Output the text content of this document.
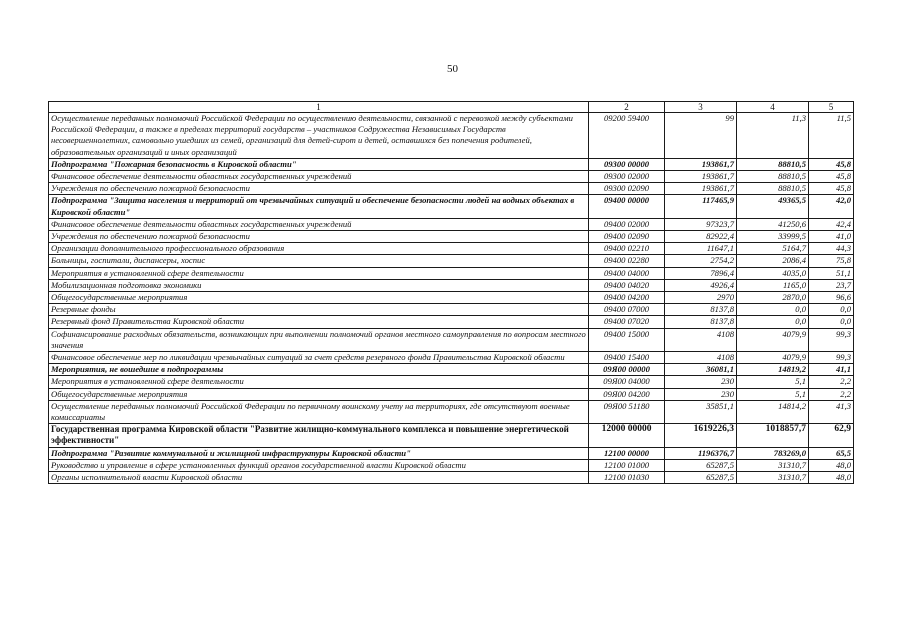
50
1	2	3	4	5
Осуществление переданных полномочий Российской Федерации по осуществлению деятельности, связанной с перевозкой между субъектами Российской Федерации, а также в пределах территорий государств – участников Содружества Независимых Государств несовершеннолетних, самовольно ушедших из семей, организаций для детей-сирот и детей, оставшихся без попечения родителей, образовательных организаций и иных организаций	09200 59400	99	11,3	11,5
Подпрограмма "Пожарная безопасность в Кировской области"	09300 00000	193861,7	88810,5	45,8
Финансовое обеспечение деятельности областных государственных учреждений	09300 02000	193861,7	88810,5	45,8
Учреждения по обеспечению пожарной безопасности	09300 02090	193861,7	88810,5	45,8
Подпрограмма "Защита населения и территорий от чрезвычайных ситуаций и обеспечение безопасности людей на водных объектах в Кировской области"	09400 00000	117465,9	49365,5	42,0
Финансовое обеспечение деятельности областных государственных учреждений	09400 02000	97323,7	41250,6	42,4
Учреждения по обеспечению пожарной безопасности	09400 02090	82922,4	33999,5	41,0
Организации дополнительного профессионального образования	09400 02210	11647,1	5164,7	44,3
Больницы, госпитали, диспансеры, хоспис	09400 02280	2754,2	2086,4	75,8
Мероприятия в установленной сфере деятельности	09400 04000	7896,4	4035,0	51,1
Мобилизационная подготовка экономики	09400 04020	4926,4	1165,0	23,7
Общегосударственные мероприятия	09400 04200	2970	2870,0	96,6
Резервные фонды	09400 07000	8137,8	0,0	0,0
Резервный фонд Правительства Кировской области	09400 07020	8137,8	0,0	0,0
Софинансирование расходных обязательств, возникающих при выполнении полномочий органов местного самоуправления по вопросам местного значения	09400 15000	4108	4079,9	99,3
Финансовое обеспечение мер по ликвидации чрезвычайных ситуаций за счет средств резервного фонда Правительства Кировской области	09400 15400	4108	4079,9	99,3
Мероприятия, не вошедшие в подпрограммы	09Я00 00000	36081,1	14819,2	41,1
Мероприятия в установленной сфере деятельности	09Я00 04000	230	5,1	2,2
Общегосударственные мероприятия	09Я00 04200	230	5,1	2,2
Осуществление переданных полномочий Российской Федерации по первичному воинскому учету на территориях, где отсутствуют военные комиссариаты	09Я00 51180	35851,1	14814,2	41,3
Государственная программа Кировской области "Развитие жилищно-коммунального комплекса и повышение энергетической эффективности"	12000 00000	1619226,3	1018857,7	62,9
Подпрограмма "Развитие коммунальной и жилищной инфраструктуры Кировской области"	12100 00000	1196376,7	783269,0	65,5
Руководство и управление в сфере установленных функций органов государственной власти Кировской области	12100 01000	65287,5	31310,7	48,0
Органы исполнительной власти Кировской области	12100 01030	65287,5	31310,7	48,0
